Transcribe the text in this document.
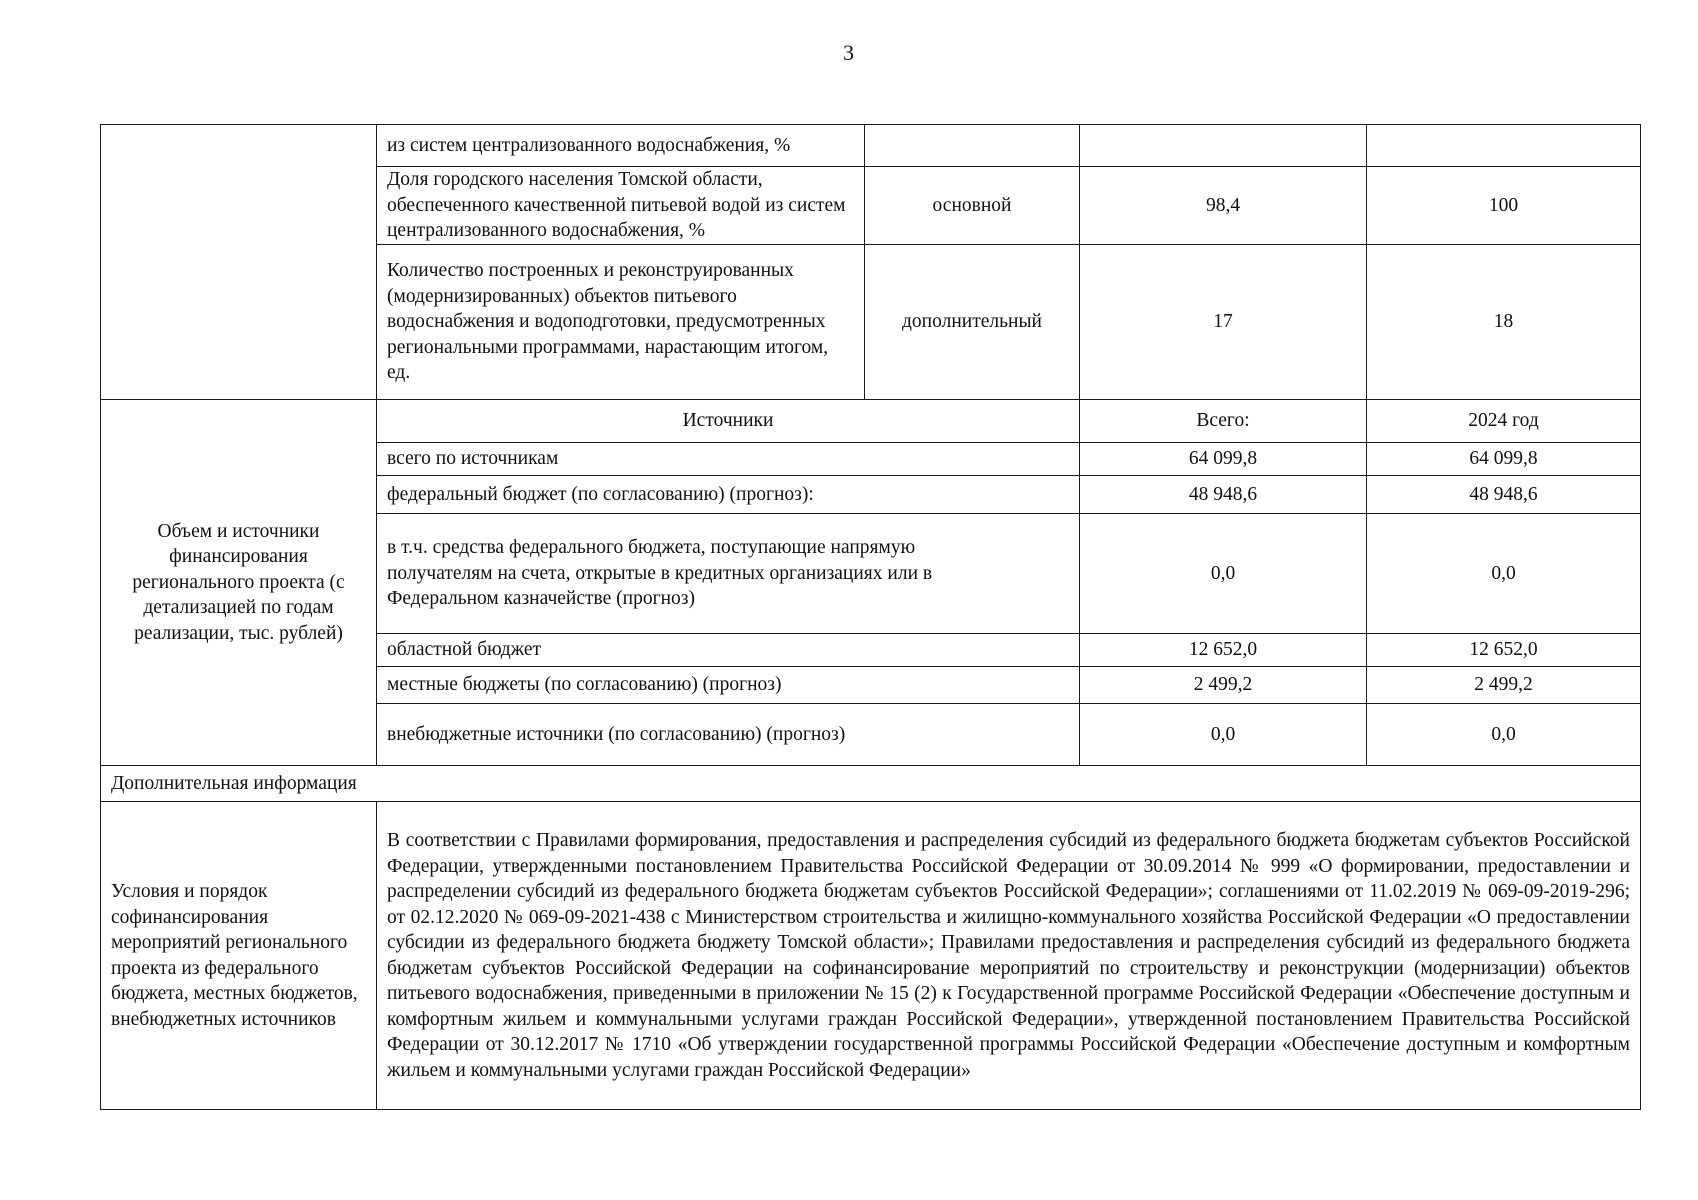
3
	из систем централизованного водоснабжения, %			
	Доля городского населения Томской области, обеспеченного качественной питьевой водой из систем централизованного водоснабжения, %	основной	98,4	100
	Количество построенных и реконструированных (модернизированных) объектов питьевого водоснабжения и водоподготовки, предусмотренных региональными программами, нарастающим итогом, ед.	дополнительный	17	18
Объем и источники финансирования регионального проекта (с детализацией по годам реализации, тыс. рублей)	Источники		Всего:	2024 год
	всего по источникам		64 099,8	64 099,8
	федеральный бюджет (по согласованию) (прогноз):		48 948,6	48 948,6
	в т.ч. средства федерального бюджета, поступающие напрямую получателям на счета, открытые в кредитных организациях или в Федеральном казначействе (прогноз)		0,0	0,0
	областной бюджет		12 652,0	12 652,0
	местные бюджеты (по согласованию) (прогноз)		2 499,2	2 499,2
	внебюджетные источники (по согласованию) (прогноз)		0,0	0,0
Дополнительная информация				
Условия и порядок софинансирования мероприятий регионального проекта из федерального бюджета, местных бюджетов, внебюджетных источников	В соответствии с Правилами формирования, предоставления и распределения субсидий из федерального бюджета бюджетам субъектов Российской Федерации, утвержденными постановлением Правительства Российской Федерации от 30.09.2014 № 999 «О формировании, предоставлении и распределении субсидий из федерального бюджета бюджетам субъектов Российской Федерации»; соглашениями от 11.02.2019 № 069-09-2019-296; от 02.12.2020 № 069-09-2021-438 с Министерством строительства и жилищно-коммунального хозяйства Российской Федерации «О предоставлении субсидии из федерального бюджета бюджету Томской области»; Правилами предоставления и распределения субсидий из федерального бюджета бюджетам субъектов Российской Федерации на софинансирование мероприятий по строительству и реконструкции (модернизации) объектов питьевого водоснабжения, приведенными в приложении № 15 (2) к Государственной программе Российской Федерации «Обеспечение доступным и комфортным жильем и коммунальными услугами граждан Российской Федерации», утвержденной постановлением Правительства Российской Федерации от 30.12.2017 № 1710 «Об утверждении государственной программы Российской Федерации «Обеспечение доступным и комфортным жильем и коммунальными услугами граждан Российской Федерации»			
